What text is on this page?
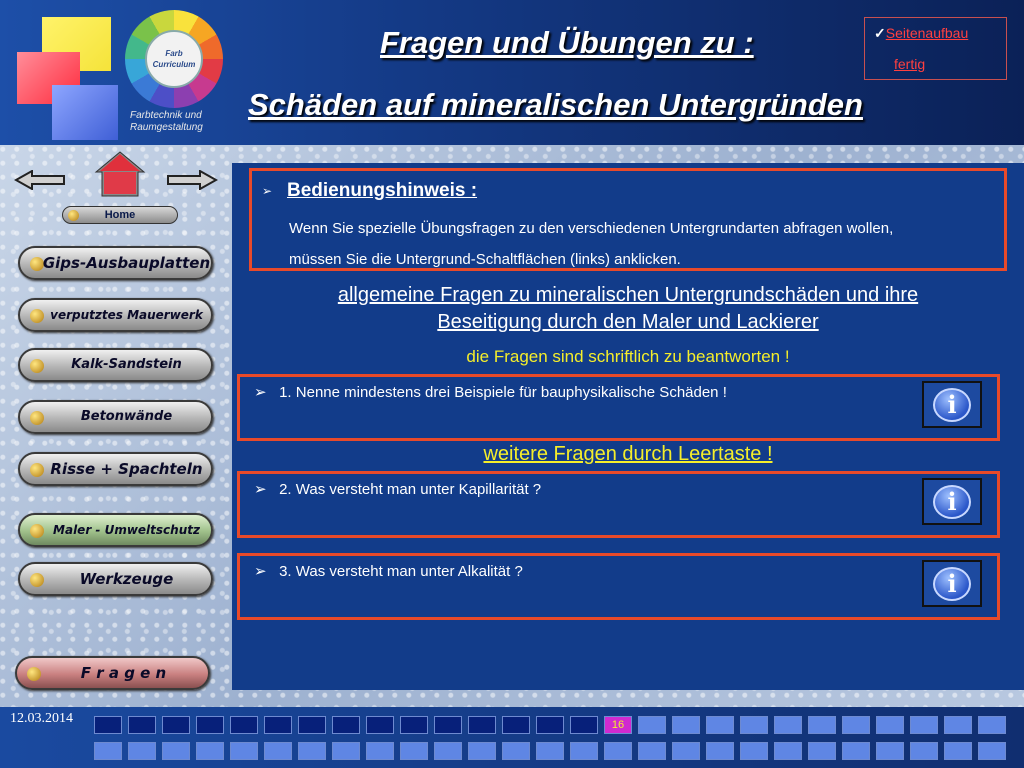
Farb
Curriculum
Farbtechnik und
Raumgestaltung
Fragen und Übungen zu :
Schäden auf mineralischen Untergründen
✓Seitenaufbau
fertig
Home
Gips-Ausbauplatten
verputztes Mauerwerk
Kalk-Sandstein
Betonwände
Risse + Spachteln
Maler - Umweltschutz
Werkzeuge
F r a g e n
➢ Bedienungshinweis :
Wenn Sie spezielle Übungsfragen zu den verschiedenen Untergrundarten abfragen wollen,
müssen Sie die Untergrund-Schaltflächen (links) anklicken.
allgemeine Fragen zu mineralischen Untergrundschäden und ihre
Beseitigung durch den Maler und Lackierer
die Fragen sind schriftlich zu beantworten !
➢ 1. Nenne mindestens drei Beispiele für bauphysikalische Schäden !	i
weitere Fragen durch Leertaste !
➢ 2. Was versteht man unter Kapillarität ?	i
➢ 3. Was versteht man unter Alkalität ?	i
12.03.2014	16
